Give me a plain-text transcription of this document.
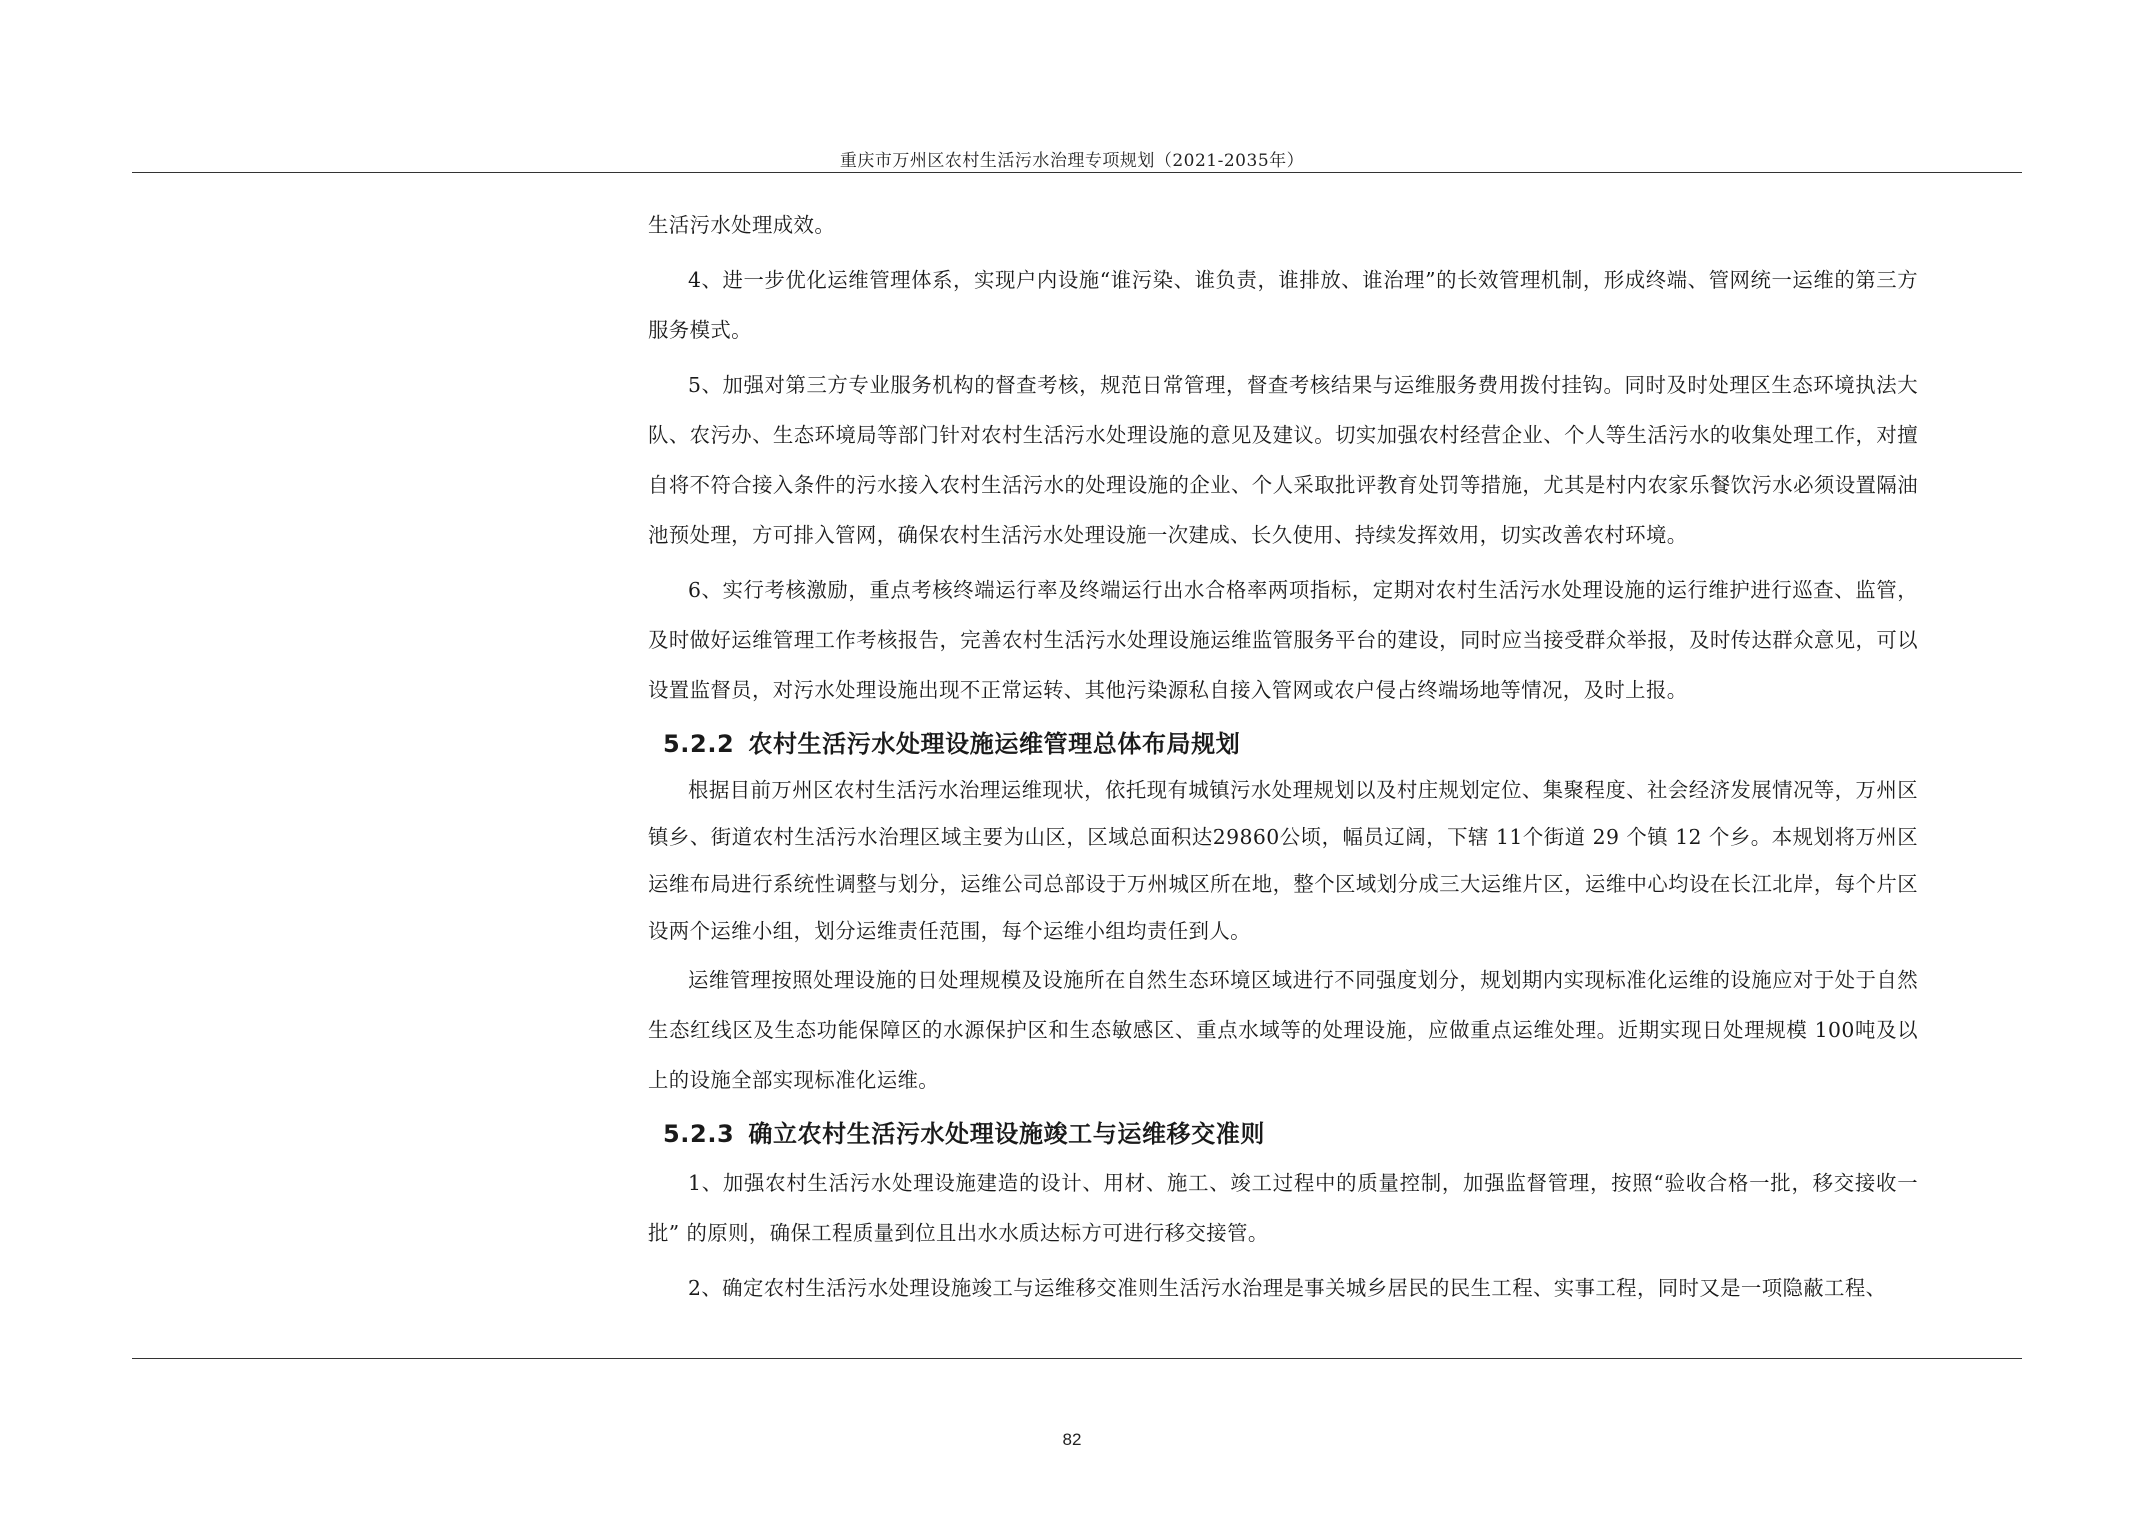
重庆市万州区农村生活污水治理专项规划（2021-2035年）

生活污水处理成效。

4、进一步优化运维管理体系，实现户内设施“谁污染、谁负责，谁排放、谁治理”的长效管理机制，形成终端、管网统一运维的第三方服务模式。

5、加强对第三方专业服务机构的督查考核，规范日常管理，督查考核结果与运维服务费用拨付挂钩。同时及时处理区生态环境执法大队、农污办、生态环境局等部门针对农村生活污水处理设施的意见及建议。切实加强农村经营企业、个人等生活污水的收集处理工作，对擅自将不符合接入条件的污水接入农村生活污水的处理设施的企业、个人采取批评教育处罚等措施，尤其是村内农家乐餐饮污水必须设置隔油池预处理，方可排入管网，确保农村生活污水处理设施一次建成、长久使用、持续发挥效用，切实改善农村环境。

6、实行考核激励，重点考核终端运行率及终端运行出水合格率两项指标，定期对农村生活污水处理设施的运行维护进行巡查、监管， 及时做好运维管理工作考核报告，完善农村生活污水处理设施运维监管服务平台的建设，同时应当接受群众举报，及时传达群众意见，可以设置监督员，对污水处理设施出现不正常运转、其他污染源私自接入管网或农户侵占终端场地等情况，及时上报。

5.2.2 农村生活污水处理设施运维管理总体布局规划

根据目前万州区农村生活污水治理运维现状，依托现有城镇污水处理规划以及村庄规划定位、集聚程度、社会经济发展情况等，万州区镇乡、街道农村生活污水治理区域主要为山区，区域总面积达29860公顷，幅员辽阔，下辖 11个街道 29 个镇 12 个乡。本规划将万州区运维布局进行系统性调整与划分，运维公司总部设于万州城区所在地，整个区域划分成三大运维片区，运维中心均设在长江北岸，每个片区设两个运维小组，划分运维责任范围，每个运维小组均责任到人。

运维管理按照处理设施的日处理规模及设施所在自然生态环境区域进行不同强度划分，规划期内实现标准化运维的设施应对于处于自然生态红线区及生态功能保障区的水源保护区和生态敏感区、重点水域等的处理设施，应做重点运维处理。近期实现日处理规模 100吨及以上的设施全部实现标准化运维。

5.2.3 确立农村生活污水处理设施竣工与运维移交准则

1、加强农村生活污水处理设施建造的设计、用材、施工、竣工过程中的质量控制，加强监督管理，按照“验收合格一批，移交接收一批” 的原则，确保工程质量到位且出水水质达标方可进行移交接管。

2、确定农村生活污水处理设施竣工与运维移交准则生活污水治理是事关城乡居民的民生工程、实事工程，同时又是一项隐蔽工程、

82
